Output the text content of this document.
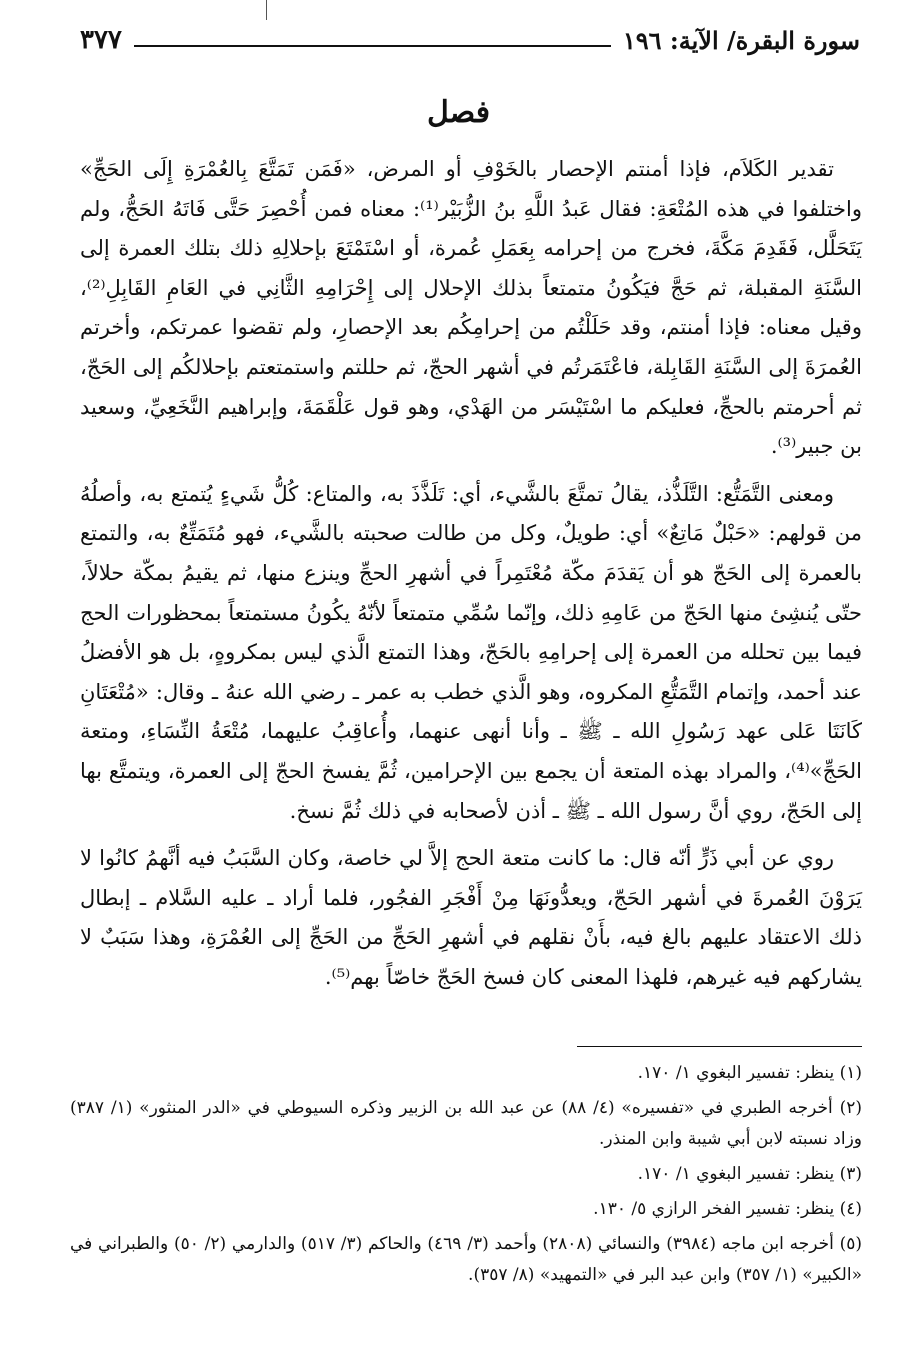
سورة البقرة/ الآية: ١٩٦
٣٧٧
فصل

تقدير الكَلاَم، فإذا أمنتم الإحصار بالخَوْفِ أو المرض، «فَمَن تَمَتَّعَ بِالعُمْرَةِ إِلَى الحَجِّ» واختلفوا في هذه المُتْعَةِ: فقال عَبدُ اللَّهِ بنُ الزُّبَيْر⁽¹⁾: معناه فمن أُحْصِرَ حَتَّى فَاتَهُ الحَجُّ، ولم يَتَحَلَّل، فَقَدِمَ مَكَّةَ، فخرج من إحرامه بِعَمَلِ عُمرة، أو اسْتَمْتَعَ بإحلالِهِ ذلك بتلك العمرة إلى السَّنَةِ المقبلة، ثم حَجَّ فيَكُونُ متمتعاً بذلك الإحلال إلى إِحْرَامِهِ الثَّانِي في العَامِ القَابِلِ⁽²⁾، وقيل معناه: فإذا أمنتم، وقد حَلَلْتُم من إحرامِكُم بعد الإحصارِ، ولم تقضوا عمرتكم، وأخرتم العُمرَةَ إلى السَّنَةِ القَابِلة، فاعْتَمَرتُم في أشهر الحجّ، ثم حللتم واستمتعتم بإحلالكُم إلى الحَجّ، ثم أحرمتم بالحجِّ، فعليكم ما اسْتَيْسَر من الهَدْي، وهو قول عَلْقَمَةَ، وإبراهيم النَّخَعِيِّ، وسعيد بن جبير⁽³⁾.

ومعنى التَّمَتُّع: التَّلَذُّذ، يقالُ تمتَّعَ بالشَّيء، أي: تَلَذَّذَ به، والمتاع: كُلُّ شَيءٍ يُتمتع به، وأصلُهُ من قولهم: «حَبْلٌ مَاتِعٌ» أي: طويلٌ، وكل من طالت صحبته بالشَّيء، فهو مُتَمَتِّعٌ به، والتمتع بالعمرة إلى الحَجّ هو أن يَقدَمَ مكّة مُعْتَمِراً في أشهرِ الحجِّ وينزع منها، ثم يقيمُ بمكّة حلالاً، حتّى يُنشِئ منها الحَجّ من عَامِهِ ذلك، وإنّما سُمِّي متمتعاً لأنّهُ يكُونُ مستمتعاً بمحظورات الحج فيما بين تحلله من العمرة إلى إحرامِهِ بالحَجّ، وهذا التمتع الَّذي ليس بمكروهٍ، بل هو الأفضلُ عند أحمد، وإتمام التَّمَتُّعِ المكروه، وهو الَّذي خطب به عمر ـ رضي الله عنهُ ـ وقال: «مُتْعَتَانِ كَانَتَا عَلى عهد رَسُولِ الله ـ ﷺ ـ وأنا أنهى عنهما، وأُعاقِبُ عليهما، مُتْعَةُ النِّسَاءِ، ومتعة الحَجِّ»⁽⁴⁾، والمراد بهذه المتعة أن يجمع بين الإحرامين، ثُمَّ يفسخ الحجّ إلى العمرة، ويتمتَّع بها إلى الحَجّ، روي أنَّ رسول الله ـ ﷺ ـ أذن لأصحابه في ذلك ثُمَّ نسخ.

روي عن أبي ذَرٍّ أنّه قال: ما كانت متعة الحج إلاَّ لي خاصة، وكان السَّبَبُ فيه أنَّهمُ كانُوا لا يَرَوْنَ العُمرةَ في أشهر الحَجّ، ويعدُّونَهَا مِنْ أَفْجَرِ الفجُور، فلما أراد ـ عليه السَّلام ـ إبطال ذلك الاعتقاد عليهم بالغ فيه، بأَنْ نقلهم في أشهرِ الحَجِّ من الحَجِّ إلى العُمْرَةِ، وهذا سَبَبٌ لا يشاركهم فيه غيرهم، فلهذا المعنى كان فسخ الحَجّ خاصّاً بهم⁽⁵⁾.

(١) ينظر: تفسير البغوي ١/ ١٧٠.

(٢) أخرجه الطبري في «تفسيره» (٤/ ٨٨) عن عبد الله بن الزبير وذكره السيوطي في «الدر المنثور» (١/ ٣٨٧) وزاد نسبته لابن أبي شيبة وابن المنذر.

(٣) ينظر: تفسير البغوي ١/ ١٧٠.

(٤) ينظر: تفسير الفخر الرازي ٥/ ١٣٠.

(٥) أخرجه ابن ماجه (٣٩٨٤) والنسائي (٢٨٠٨) وأحمد (٣/ ٤٦٩) والحاكم (٣/ ٥١٧) والدارمي (٢/ ٥٠) والطبراني في «الكبير» (١/ ٣٥٧) وابن عبد البر في «التمهيد» (٨/ ٣٥٧).
